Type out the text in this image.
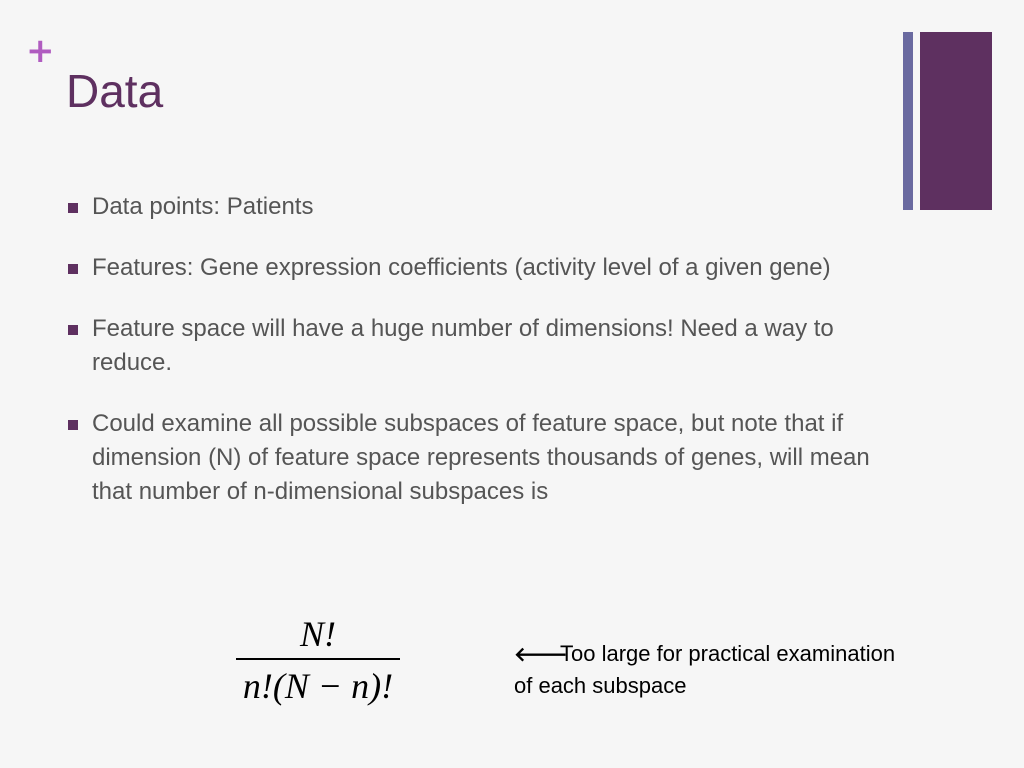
+
Data
Data points: Patients
Features: Gene expression coefficients (activity level of a given gene)
Feature space will have a huge number of dimensions! Need a way to reduce.
Could examine all possible subspaces of feature space, but note that if dimension (N) of feature space represents thousands of genes, will mean that number of n-dimensional subspaces is
N!
n!(N − n)!
🡐Too large for practical examination of each subspace
